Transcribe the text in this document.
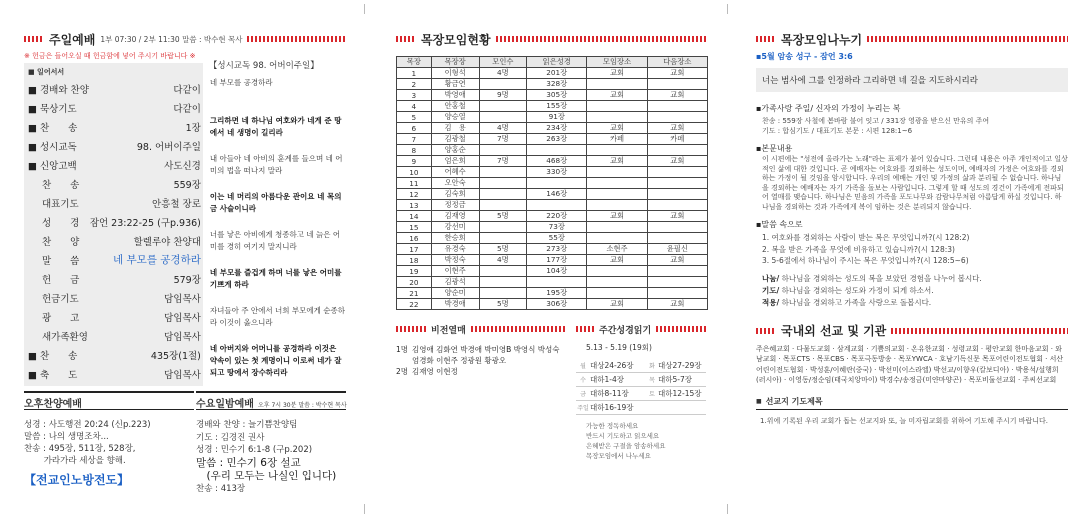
주일예배 1부 07:30 / 2부 11:30 말씀 : 박수현 목사
※ 헌금은 들어오실 때 헌금함에 넣어 주시기 바랍니다 ※
■ 일어서서
■ 경배와 찬양	다같이
■ 묵상기도	다같이
■ 찬　　송	1장
■ 성시교독	98. 어버이주일
■ 신앙고백	사도신경
찬　　송	559장
대표기도	안흥철 장로
성　　경 잠언 23:22-25 (구p.936)
찬　　양	할렐루야 찬양대
말　　씀	네 부모를 공경하라
헌　　금	579장
헌금기도	담임목사
광　　고	담임목사
새가족환영	담임목사
■ 찬　　송	435장(1절)
■ 축　　도	담임목사
【성시교독 98. 어버이주일】
네 부모를 공경하라
그리하면 네 하나님 여호와가 네게 준 땅에서 네 생명이 길리라
내 아들아 네 아비의 훈계를 들으며 네 어미의 법을 떠나지 말라
이는 네 머리의 아름다운 관이요 네 목의 금 사슬이니라
너를 낳은 아비에게 청종하고 네 늙은 어미를 경히 여기지 말지니라
네 부모를 즐겁게 하며 너를 낳은 어미를 기쁘게 하라
자녀들아 주 안에서 너희 부모에게 순종하라 이것이 옳으니라
네 아버지와 어머니를 공경하라 이것은 약속이 있는 첫 계명이니 이로써 네가 잘 되고 땅에서 장수하리라
오후찬양예배
성경 : 사도행전 20:24 (신p.223)
말씀 : 나의 생명조차...
찬송 : 495장, 511장, 528장,
　　 가라가라 세상을 향해.
【전교인노방전도】
수요일밤예배 오후 7시 30분 말씀 : 박수현 목사
경배와 찬양 : 늘기쁨찬양팀
기도 : 김경진 권사
성경 : 민수기 6:1-8 (구p.202)
말씀 : 민수기 6장 설교
　(우리 모두는 나실인 입니다)
찬송 : 413장
목장모임현황
목장	목장장	모인수	읽은성경	모임장소	다음장소
1	이형석	4명	201장	교회	교회
2	황금연		328장		
3	박영애	9명	305장	교회	교회
4	안홍철		155장		
5	양승열		91장		
6	김　용	4명	234장	교회	교회
7	김광철	7명	263장	카페	카페
8	양홍순				
9	엄은희	7명	468장	교회	교회
10	어혜수		330장		
11	오안숙				
12	김숙희		146장		
13	정정금				
14	김재영	5명	220장	교회	교회
15	강선미		73장		
16	한승희		55장		
17	유경숙	5명	273장	소현주	윤필신
18	박정숙	4명	177장	교회	교회
19	이현주		104장		
20	김광석				
21	양순미		195장		
22	박경애	5명	306장	교회	교회
비전열매
1명 김영애 김화연 박경애 박미영B 박영식 박성숙 엄경화 이현주 정광원 황광오
2명 김재영 이현정
주간성경읽기
5.13 - 5.19 (19회)
월 대상24-26장	화 대상27-29장
수 대하1-4장	목 대하5-7장
금 대하8-11장	토 대하12-15장
주일 대하16-19장
가능한 정독하세요
반드시 기도하고 읽으세요
은혜받은 구절을 암송하세요
목장모임에서 나누세요
목장모임나누기
▪5월 암송 성구 - 잠언 3:6
너는 범사에 그를 인정하라 그리하면 네 길을 지도하시리라
▪가족사랑 주일/ 신자의 가정이 누리는 복
찬송 : 559장 사철에 봄바람 불어 잇고 / 331장 영광을 받으신 만유의 주여
기도 : 합심기도 / 대표기도 본문 : 시편 128:1~6
▪본문내용
이 시편에는 "성전에 올라가는 노래"라는 표제가 붙어 있습니다. 그런데 내용은 아주 개인적이고 일상적인 삶에 대한 것입니다. 곧 예배자는 여호와를 경외하는 성도이며, 예배자의 가정은 여호와를 경외하는 가정이 될 것임을 암시합니다. 우리의 예배는 개인 및 가정의 삶과 분리될 수 없습니다. 하나님을 경외하는 예배자는 자기 가족을 돌보는 사람입니다. 그렇게 할 때 성도의 경건이 가족에게 전파되어 열매를 맺습니다. 하나님은 믿음의 가족을 포도나무와 감람나무처럼 아름답게 하실 것입니다. 하나님을 경외하는 것과 가족에게 복이 임하는 것은 분리되지 않습니다.
▪말씀 속으로
1. 여호와를 경외하는 사람이 받는 복은 무엇입니까?(시 128:2)
2. 복을 받은 가족을 무엇에 비유하고 있습니까?(시 128:3)
3. 5-6절에서 하나님이 주시는 복은 무엇입니까?(시 128:5~6)
나눔/ 하나님을 경외하는 성도의 복을 보았던 경험을 나누어 봅시다.
기도/ 하나님을 경외하는 성도와 가정이 되게 하소서.
적용/ 하나님을 경외하고 가족을 사랑으로 돌봅시다.
국내외 선교 및 기관
주은혜교회 · 다물도교회 · 삼계교회 · 기쁨의교회 · 온유한교회 · 성령교회 · 평안교회 한마음교회 · 와남교회 · 목포CTS · 목포CBS · 목포극동방송 · 목포YWCA · 호남기독신문 목포어린이전도협회 · 서산어린이전도협회 · 박성훈/이혜란(중국) · 박선미(이스라엘) 박선교/이향우(칼보디아) · 박용석/설행희(러시아) · 이영동/정순임(태국치앙마이) 박경수/송정금(미얀마양곤) · 목포비둘선교회 · 주씨선교회
■ 선교지 기도제목
1.위에 기록된 우리 교회가 돕는 선교지와 또, 늘 미자립교회를 위하여 기도해 주시기 바랍니다.
